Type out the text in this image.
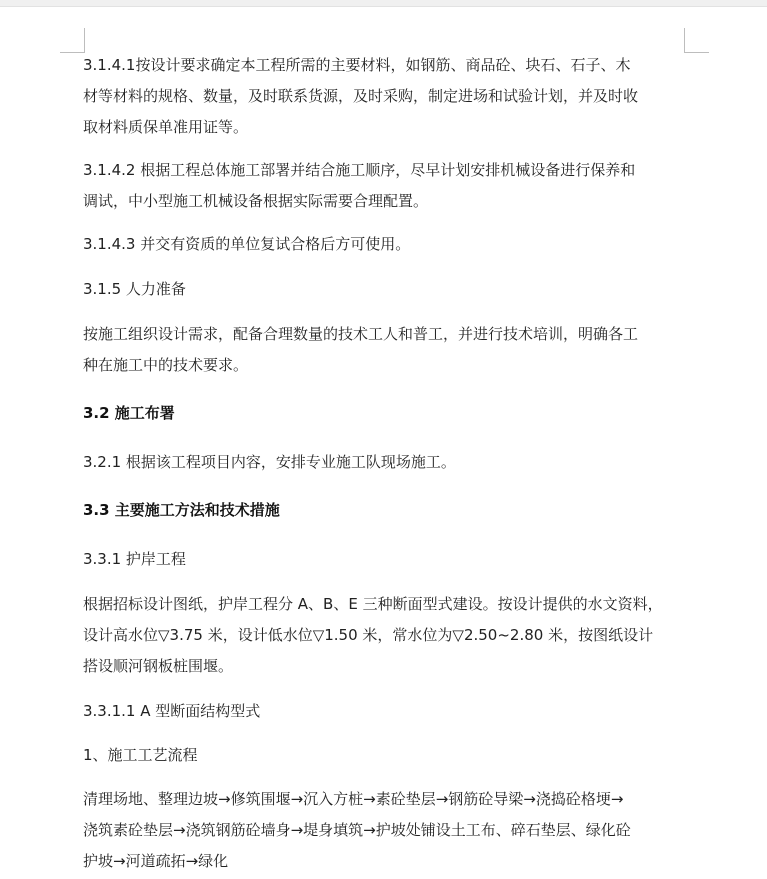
3.1.4.1按设计要求确定本工程所需的主要材料，如钢筋、商品砼、块石、石子、木
材等材料的规格、数量，及时联系货源，及时采购，制定进场和试验计划，并及时收
取材料质保单准用证等。

3.1.4.2 根据工程总体施工部署并结合施工顺序，尽早计划安排机械设备进行保养和
调试，中小型施工机械设备根据实际需要合理配置。

3.1.4.3 并交有资质的单位复试合格后方可使用。

3.1.5 人力准备

按施工组织设计需求，配备合理数量的技术工人和普工，并进行技术培训，明确各工
种在施工中的技术要求。

3.2 施工布署

3.2.1 根据该工程项目内容，安排专业施工队现场施工。

3.3 主要施工方法和技术措施

3.3.1 护岸工程

根据招标设计图纸，护岸工程分 A、B、E 三种断面型式建设。按设计提供的水文资料，
设计高水位▽3.75 米，设计低水位▽1.50 米，常水位为▽2.50~2.80 米，按图纸设计
搭设顺河钢板桩围堰。

3.3.1.1 A 型断面结构型式

1、施工工艺流程

清理场地、整理边坡→修筑围堰→沉入方桩→素砼垫层→钢筋砼导梁→浇捣砼格埂→
浇筑素砼垫层→浇筑钢筋砼墙身→堤身填筑→护坡处铺设土工布、碎石垫层、绿化砼
护坡→河道疏拓→绿化
